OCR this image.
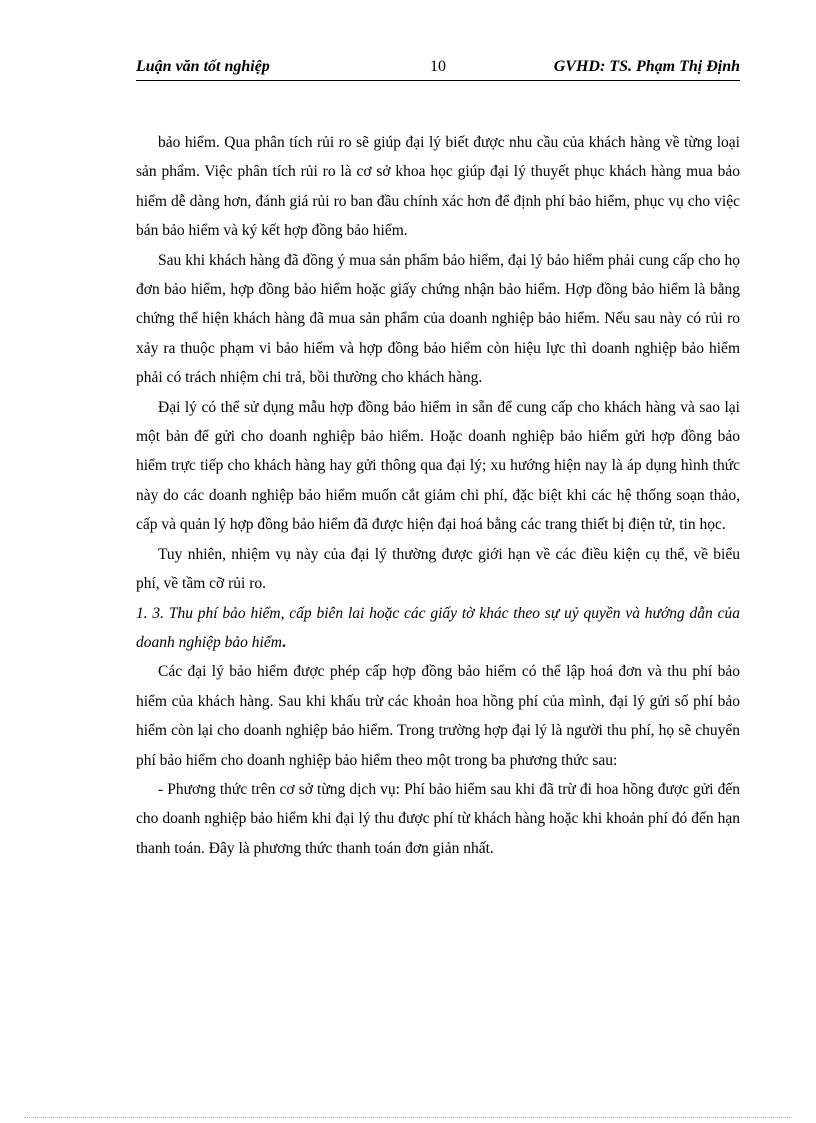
Luận văn tốt nghiệp	10	GVHD: TS. Phạm Thị Định

bảo hiểm. Qua phân tích rủi ro sẽ giúp đại lý biết được nhu cầu của khách hàng về từng loại sản phẩm. Việc phân tích rủi ro là cơ sở khoa học giúp đại lý thuyết phục khách hàng mua bảo hiểm dễ dàng hơn, đánh giá rủi ro ban đầu chính xác hơn để định phí bảo hiểm, phục vụ cho việc bán bảo hiểm và ký kết hợp đồng bảo hiểm.

Sau khi khách hàng đã đồng ý mua sản phẩm bảo hiểm, đại lý bảo hiểm phải cung cấp cho họ đơn bảo hiểm, hợp đồng bảo hiểm hoặc giấy chứng nhận bảo hiểm. Hợp đồng bảo hiểm là bằng chứng thể hiện khách hàng đã mua sản phẩm của doanh nghiệp bảo hiểm. Nếu sau này có rủi ro xảy ra thuộc phạm vi bảo hiểm và hợp đồng bảo hiểm còn hiệu lực thì doanh nghiệp bảo hiểm phải có trách nhiệm chi trả, bồi thường cho khách hàng.

Đại lý có thể sử dụng mẫu hợp đồng bảo hiểm in sẵn để cung cấp cho khách hàng và sao lại một bản để gửi cho doanh nghiệp bảo hiểm. Hoặc doanh nghiệp bảo hiểm gửi hợp đồng bảo hiểm trực tiếp cho khách hàng hay gửi thông qua đại lý; xu hướng hiện nay là áp dụng hình thức này do các doanh nghiệp bảo hiểm muốn cắt giảm chi phí, đặc biệt khi các hệ thống soạn thảo, cấp và quản lý hợp đồng bảo hiểm đã được hiện đại hoá bằng các trang thiết bị điện tử, tin học.

Tuy nhiên, nhiệm vụ này của đại lý thường được giới hạn về các điều kiện cụ thể, về biểu phí, về tầm cỡ rủi ro.

1. 3. Thu phí bảo hiểm, cấp biên lai hoặc các giấy tờ khác theo sự uỷ quyền và hướng dẫn của doanh nghiệp bảo hiểm.

Các đại lý bảo hiểm được phép cấp hợp đồng bảo hiểm có thể lập hoá đơn và thu phí bảo hiểm của khách hàng. Sau khi khấu trừ các khoản hoa hồng phí của mình, đại lý gửi số phí bảo hiểm còn lại cho doanh nghiệp bảo hiểm. Trong trường hợp đại lý là người thu phí, họ sẽ chuyển phí bảo hiểm cho doanh nghiệp bảo hiểm theo một trong ba phương thức sau:

- Phương thức trên cơ sở từng dịch vụ: Phí bảo hiểm sau khi đã trừ đi hoa hồng được gửi đến cho doanh nghiệp bảo hiểm khi đại lý thu được phí từ khách hàng hoặc khi khoản phí đó đến hạn thanh toán. Đây là phương thức thanh toán đơn giản nhất.
